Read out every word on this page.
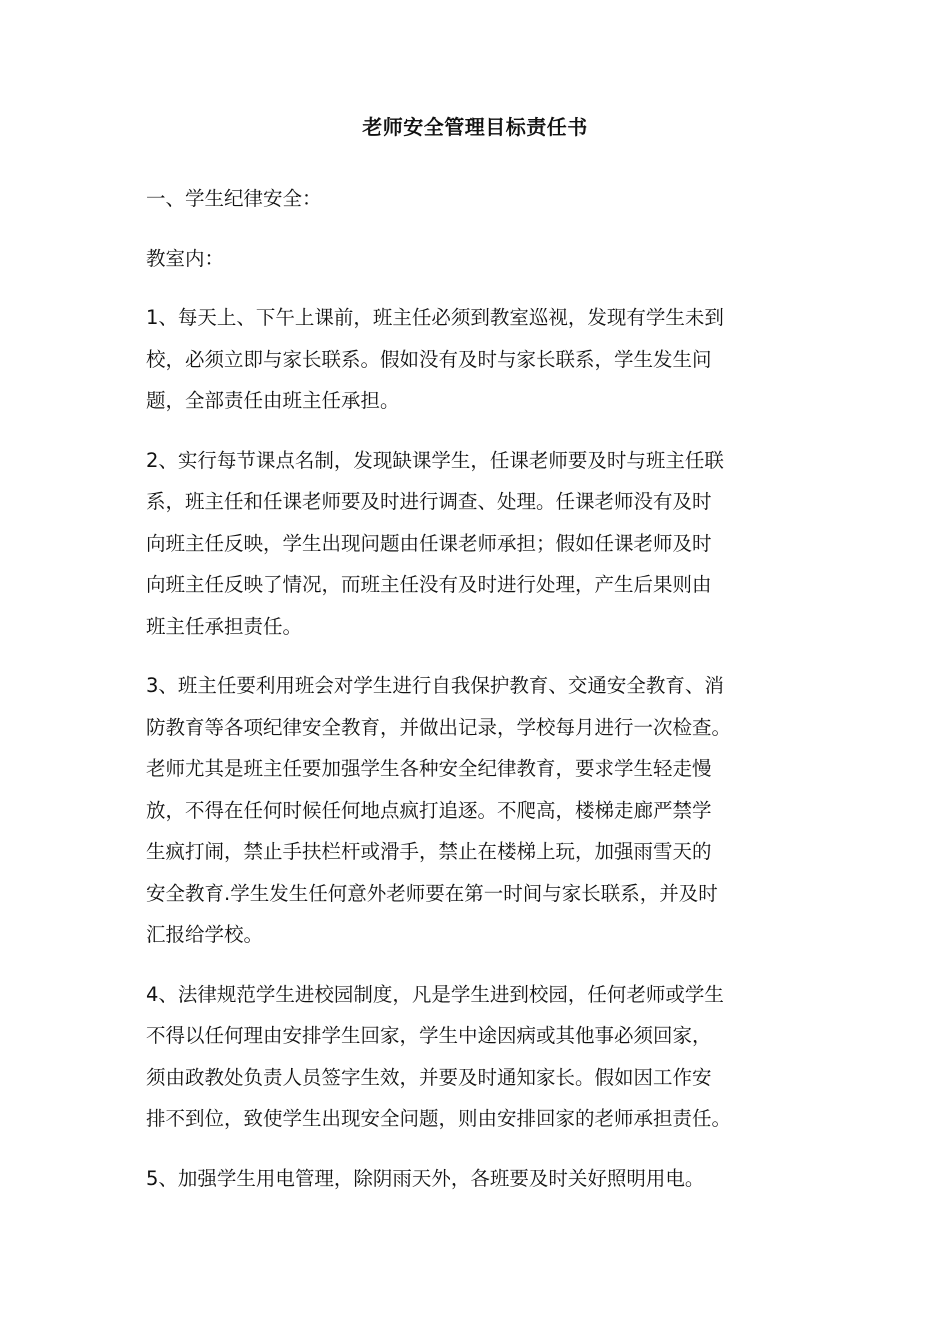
老师安全管理目标责任书

一、学生纪律安全：

教室内：

1、每天上、下午上课前，班主任必须到教室巡视，发现有学生未到
校，必须立即与家长联系。假如没有及时与家长联系，学生发生问
题，全部责任由班主任承担。

2、实行每节课点名制，发现缺课学生，任课老师要及时与班主任联
系，班主任和任课老师要及时进行调查、处理。任课老师没有及时
向班主任反映，学生出现问题由任课老师承担；假如任课老师及时
向班主任反映了情况，而班主任没有及时进行处理，产生后果则由
班主任承担责任。

3、班主任要利用班会对学生进行自我保护教育、交通安全教育、消
防教育等各项纪律安全教育，并做出记录，学校每月进行一次检查。
老师尤其是班主任要加强学生各种安全纪律教育，要求学生轻走慢
放，不得在任何时候任何地点疯打追逐。不爬高，楼梯走廊严禁学
生疯打闹，禁止手扶栏杆或滑手，禁止在楼梯上玩，加强雨雪天的
安全教育.学生发生任何意外老师要在第一时间与家长联系，并及时
汇报给学校。

4、法律规范学生进校园制度，凡是学生进到校园，任何老师或学生
不得以任何理由安排学生回家，学生中途因病或其他事必须回家，
须由政教处负责人员签字生效，并要及时通知家长。假如因工作安
排不到位，致使学生出现安全问题，则由安排回家的老师承担责任。

5、加强学生用电管理，除阴雨天外，各班要及时关好照明用电。
